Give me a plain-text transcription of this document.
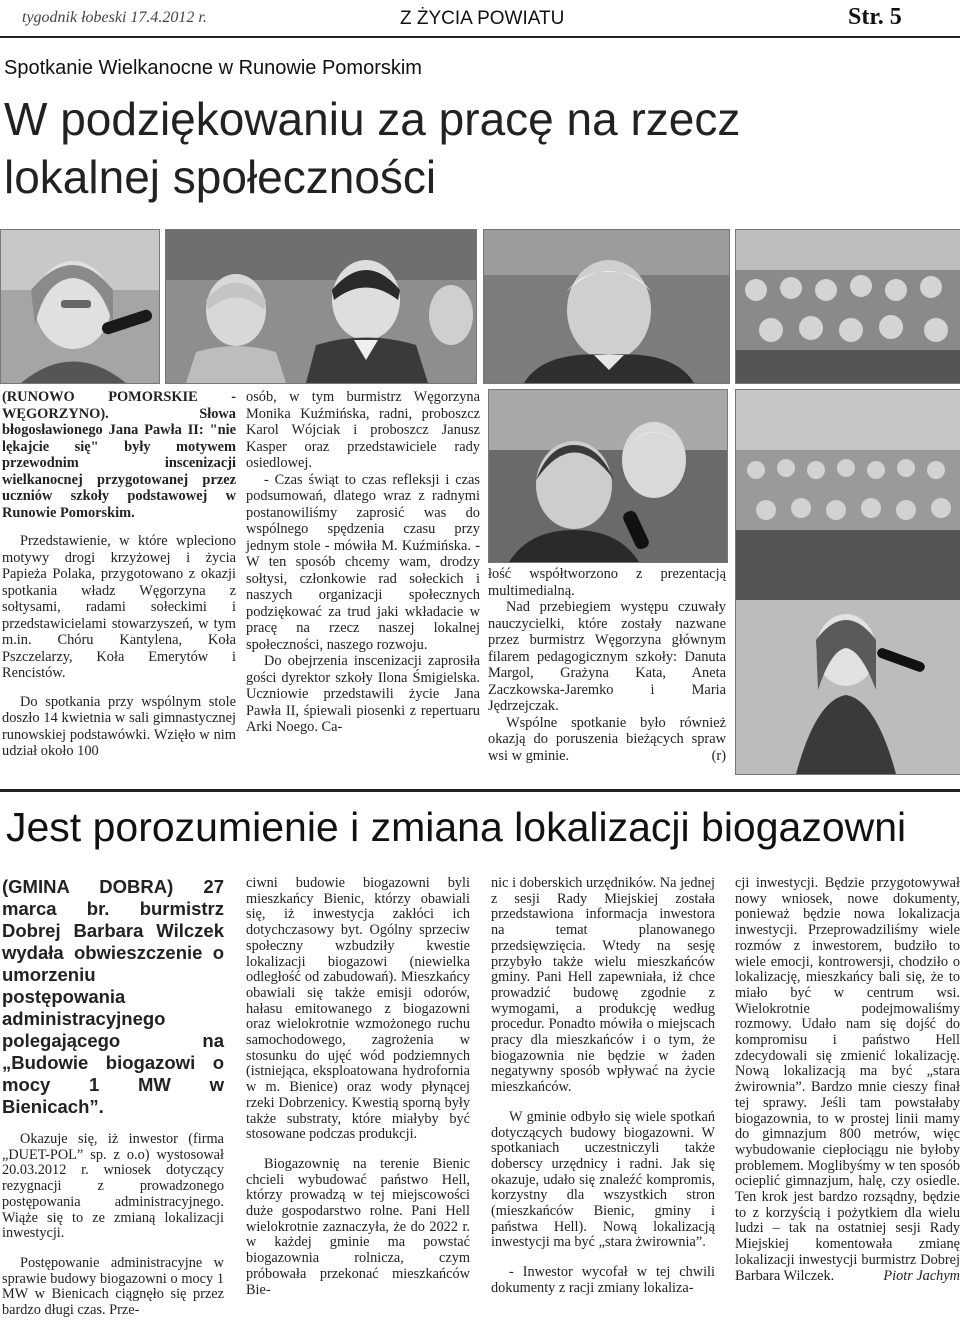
tygodnik łobeski 17.4.2012 r.	Z ŻYCIA POWIATU	Str. 5
Spotkanie Wielkanocne w Runowie Pomorskim
W podziękowaniu za pracę na rzecz
lokalnej społeczności

(RUNOWO POMORSKIE - WĘGORZYNO). Słowa błogosławionego Jana Pawła II: "nie lękajcie się" były motywem przewodnim inscenizacji wielkanocnej przygotowanej przez uczniów szkoły podstawowej w Runowie Pomorskim.

Przedstawienie, w które wpleciono motywy drogi krzyżowej i życia Papieża Polaka, przygotowano z okazji spotkania władz Węgorzyna z sołtysami, radami sołeckimi i przedstawicielami stowarzyszeń, w tym m.in. Chóru Kantylena, Koła Pszczelarzy, Koła Emerytów i Rencistów.

Do spotkania przy wspólnym stole doszło 14 kwietnia w sali gimnastycznej runowskiej podstawówki. Wzięło w nim udział około 100

osób, w tym burmistrz Węgorzyna Monika Kuźmińska, radni, proboszcz Karol Wójciak i proboszcz Janusz Kasper oraz przedstawiciele rady osiedlowej.

- Czas świąt to czas refleksji i czas podsumowań, dlatego wraz z radnymi postanowiliśmy zaprosić was do wspólnego spędzenia czasu przy jednym stole - mówiła M. Kuźmińska. - W ten sposób chcemy wam, drodzy sołtysi, członkowie rad sołeckich i naszych organizacji społecznych podziękować za trud jaki wkładacie w pracę na rzecz naszej lokalnej społeczności, naszego rozwoju.

Do obejrzenia inscenizacji zaprosiła gości dyrektor szkoły Ilona Śmigielska. Uczniowie przedstawili życie Jana Pawła II, śpiewali piosenki z repertuaru Arki Noego. Ca-

łość współtworzono z prezentacją multimedialną.

Nad przebiegiem występu czuwały nauczycielki, które zostały nazwane przez burmistrz Węgorzyna głównym filarem pedagogicznym szkoły: Danuta Margol, Grażyna Kata, Aneta Zaczkowska-Jaremko i Maria Jędrzejczak.

Wspólne spotkanie było również okazją do poruszenia bieżących spraw wsi w gminie.	(r)

Jest porozumienie i zmiana lokalizacji biogazowni

(GMINA DOBRA) 27 marca br. burmistrz Dobrej Barbara Wilczek wydała obwieszczenie o umorzeniu postępowania administracyjnego polegającego na „Budowie biogazowi o mocy 1 MW w Bienicach”.

Okazuje się, iż inwestor (firma „DUET-POL” sp. z o.o) wystosował 20.03.2012 r. wniosek dotyczący rezygnacji z prowadzonego postępowania administracyjnego. Wiąże się to ze zmianą lokalizacji inwestycji.

Postępowanie administracyjne w sprawie budowy biogazowni o mocy 1 MW w Bienicach ciągnęło się przez bardzo długi czas. Prze-

ciwni budowie biogazowni byli mieszkańcy Bienic, którzy obawiali się, iż inwestycja zakłóci ich dotychczasowy byt. Ogólny sprzeciw społeczny wzbudziły kwestie lokalizacji biogazowi (niewielka odległość od zabudowań). Mieszkańcy obawiali się także emisji odorów, hałasu emitowanego z biogazowni oraz wielokrotnie wzmożonego ruchu samochodowego, zagrożenia w stosunku do ujęć wód podziemnych (istniejąca, eksploatowana hydrofornia w m. Bienice) oraz wody płynącej rzeki Dobrzenicy. Kwestią sporną były także substraty, które miałyby być stosowane podczas produkcji.

Biogazownię na terenie Bienic chcieli wybudować państwo Hell, którzy prowadzą w tej miejscowości duże gospodarstwo rolne. Pani Hell wielokrotnie zaznaczyła, że do 2022 r. w każdej gminie ma powstać biogazownia rolnicza, czym próbowała przekonać mieszkańców Bie-

nic i doberskich urzędników. Na jednej z sesji Rady Miejskiej została przedstawiona informacja inwestora na temat planowanego przedsięwzięcia. Wtedy na sesję przybyło także wielu mieszkańców gminy. Pani Hell zapewniała, iż chce prowadzić budowę zgodnie z wymogami, a produkcję według procedur. Ponadto mówiła o miejscach pracy dla mieszkańców i o tym, że biogazownia nie będzie w żaden negatywny sposób wpływać na życie mieszkańców.

W gminie odbyło się wiele spotkań dotyczących budowy biogazowni. W spotkaniach uczestniczyli także doberscy urzędnicy i radni. Jak się okazuje, udało się znaleźć kompromis, korzystny dla wszystkich stron (mieszkańców Bienic, gminy i państwa Hell). Nową lokalizacją inwestycji ma być „stara żwirownia”.

- Inwestor wycofał w tej chwili dokumenty z racji zmiany lokaliza-

cji inwestycji. Będzie przygotowywał nowy wniosek, nowe dokumenty, ponieważ będzie nowa lokalizacja inwestycji. Przeprowadziliśmy wiele rozmów z inwestorem, budziło to wiele emocji, kontrowersji, chodziło o lokalizację, mieszkańcy bali się, że to miało być w centrum wsi. Wielokrotnie podejmowaliśmy rozmowy. Udało nam się dojść do kompromisu i państwo Hell zdecydowali się zmienić lokalizację. Nową lokalizacją ma być „stara żwirownia”. Bardzo mnie cieszy finał tej sprawy. Jeśli tam powstałaby biogazownia, to w prostej linii mamy do gimnazjum 800 metrów, więc wybudowanie ciepłociągu nie byłoby problemem. Moglibyśmy w ten sposób ocieplić gimnazjum, halę, czy osiedle. Ten krok jest bardzo rozsądny, będzie to z korzyścią i pożytkiem dla wielu ludzi – tak na ostatniej sesji Rady Miejskiej komentowała zmianę lokalizacji inwestycji burmistrz Dobrej Barbara Wilczek.	Piotr Jachym
